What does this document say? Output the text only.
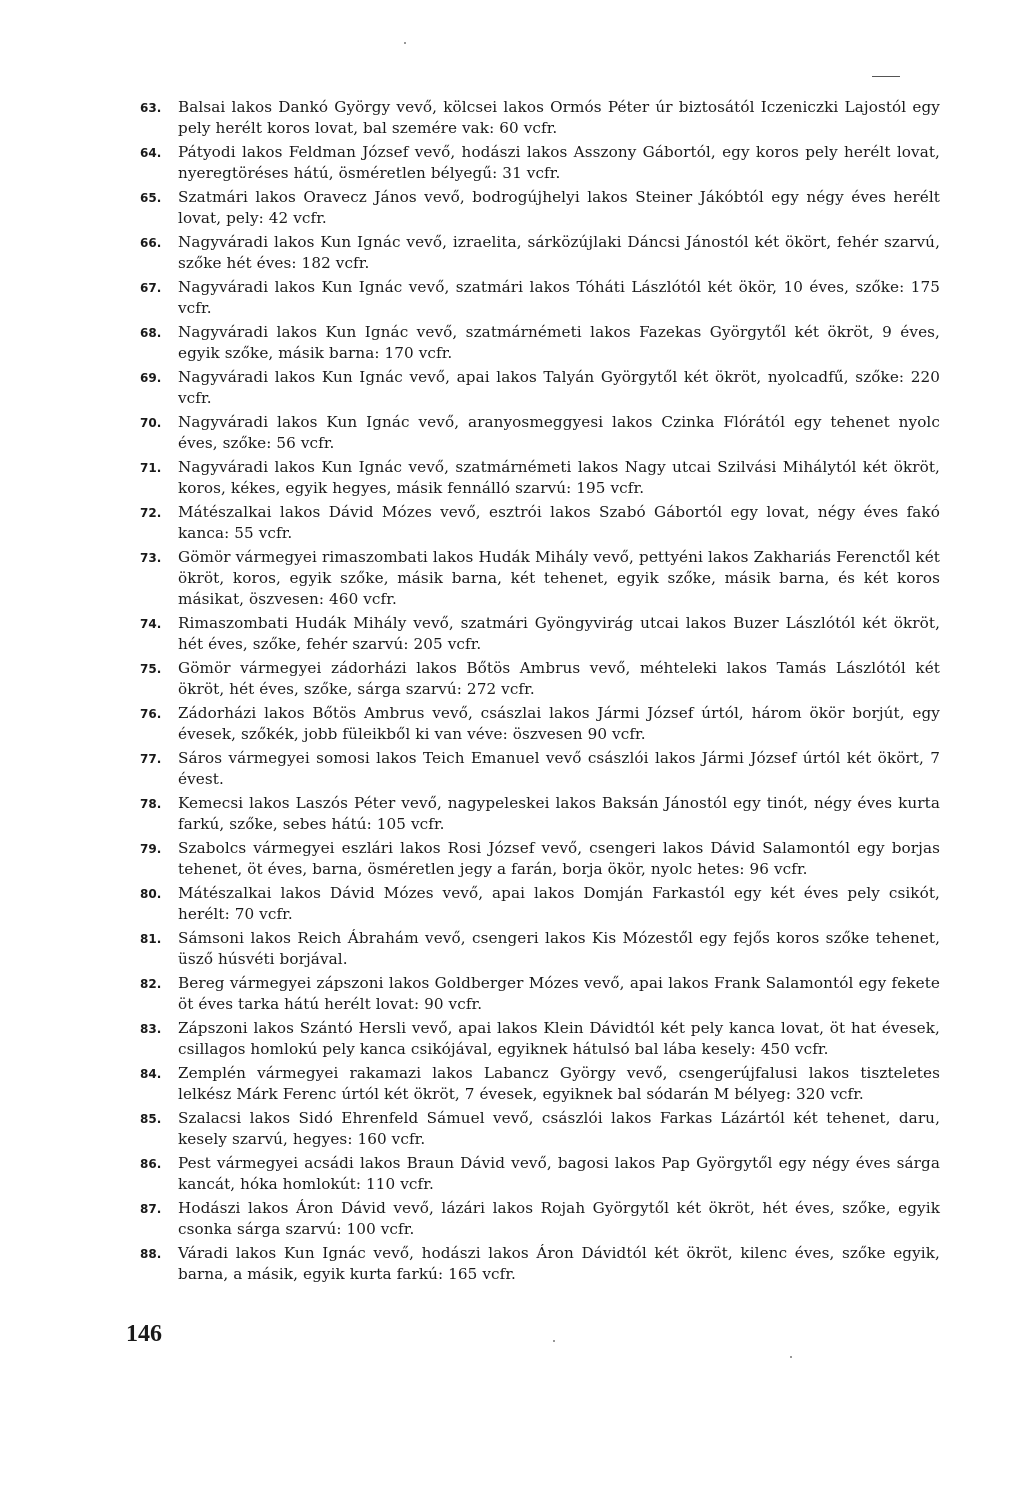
63.	Balsai lakos Dankó György vevő, kölcsei lakos Ormós Péter úr biztosától Iczeniczki Lajostól egy pely herélt koros lovat, bal szemére vak: 60 vcfr.
64.	Pátyodi lakos Feldman József vevő, hodászi lakos Asszony Gábortól, egy koros pely herélt lovat, nyeregtöréses hátú, ösméretlen bélyegű: 31 vcfr.
65.	Szatmári lakos Oravecz János vevő, bodrogújhelyi lakos Steiner Jákóbtól egy négy éves herélt lovat, pely: 42 vcfr.
66.	Nagyváradi lakos Kun Ignác vevő, izraelita, sárközújlaki Dáncsi Jánostól két ökört, fehér szarvú, szőke hét éves: 182 vcfr.
67.	Nagyváradi lakos Kun Ignác vevő, szatmári lakos Tóháti Lászlótól két ökör, 10 éves, szőke: 175 vcfr.
68.	Nagyváradi lakos Kun Ignác vevő, szatmárnémeti lakos Fazekas Györgytől két ökröt, 9 éves, egyik szőke, másik barna: 170 vcfr.
69.	Nagyváradi lakos Kun Ignác vevő, apai lakos Talyán Györgytől két ökröt, nyolcadfű, szőke: 220 vcfr.
70.	Nagyváradi lakos Kun Ignác vevő, aranyosmeggyesi lakos Czinka Flórától egy tehenet nyolc éves, szőke: 56 vcfr.
71.	Nagyváradi lakos Kun Ignác vevő, szatmárnémeti lakos Nagy utcai Szilvási Mihálytól két ökröt, koros, kékes, egyik hegyes, másik fennálló szarvú: 195 vcfr.
72.	Mátészalkai lakos Dávid Mózes vevő, esztrói lakos Szabó Gábortól egy lovat, négy éves fakó kanca: 55 vcfr.
73.	Gömör vármegyei rimaszombati lakos Hudák Mihály vevő, pettyéni lakos Zakhariás Ferenctől két ökröt, koros, egyik szőke, másik barna, két tehenet, egyik szőke, másik barna, és két koros másikat, öszvesen: 460 vcfr.
74.	Rimaszombati Hudák Mihály vevő, szatmári Gyöngyvirág utcai lakos Buzer Lászlótól két ökröt, hét éves, szőke, fehér szarvú: 205 vcfr.
75.	Gömör vármegyei zádorházi lakos Bőtös Ambrus vevő, méhteleki lakos Tamás Lászlótól két ökröt, hét éves, szőke, sárga szarvú: 272 vcfr.
76.	Zádorházi lakos Bőtös Ambrus vevő, császlai lakos Jármi József úrtól, három ökör borjút, egy évesek, szőkék, jobb füleikből ki van véve: öszvesen 90 vcfr.
77.	Sáros vármegyei somosi lakos Teich Emanuel vevő császlói lakos Jármi József úrtól két ökört, 7 évest.
78.	Kemecsi lakos Laszós Péter vevő, nagypeleskei lakos Baksán Jánostól egy tinót, négy éves kurta farkú, szőke, sebes hátú: 105 vcfr.
79.	Szabolcs vármegyei eszlári lakos Rosi József vevő, csengeri lakos Dávid Salamontól egy borjas tehenet, öt éves, barna, ösméretlen jegy a farán, borja ökör, nyolc hetes: 96 vcfr.
80.	Mátészalkai lakos Dávid Mózes vevő, apai lakos Domján Farkastól egy két éves pely csikót, herélt: 70 vcfr.
81.	Sámsoni lakos Reich Ábrahám vevő, csengeri lakos Kis Mózestől egy fejős koros szőke tehenet, üsző húsvéti borjával.
82.	Bereg vármegyei zápszoni lakos Goldberger Mózes vevő, apai lakos Frank Salamontól egy fekete öt éves tarka hátú herélt lovat: 90 vcfr.
83.	Zápszoni lakos Szántó Hersli vevő, apai lakos Klein Dávidtól két pely kanca lovat, öt hat évesek, csillagos homlokú pely kanca csikójával, egyiknek hátulsó bal lába kesely: 450 vcfr.
84.	Zemplén vármegyei rakamazi lakos Labancz György vevő, csengerújfalusi lakos tiszteletes lelkész Márk Ferenc úrtól két ökröt, 7 évesek, egyiknek bal sódarán M bélyeg: 320 vcfr.
85.	Szalacsi lakos Sidó Ehrenfeld Sámuel vevő, császlói lakos Farkas Lázártól két tehenet, daru, kesely szarvú, hegyes: 160 vcfr.
86.	Pest vármegyei acsádi lakos Braun Dávid vevő, bagosi lakos Pap Györgytől egy négy éves sárga kancát, hóka homlokút: 110 vcfr.
87.	Hodászi lakos Áron Dávid vevő, lázári lakos Rojah Györgytől két ökröt, hét éves, szőke, egyik csonka sárga szarvú: 100 vcfr.
88.	Váradi lakos Kun Ignác vevő, hodászi lakos Áron Dávidtól két ökröt, kilenc éves, szőke egyik, barna, a másik, egyik kurta farkú: 165 vcfr.
146
